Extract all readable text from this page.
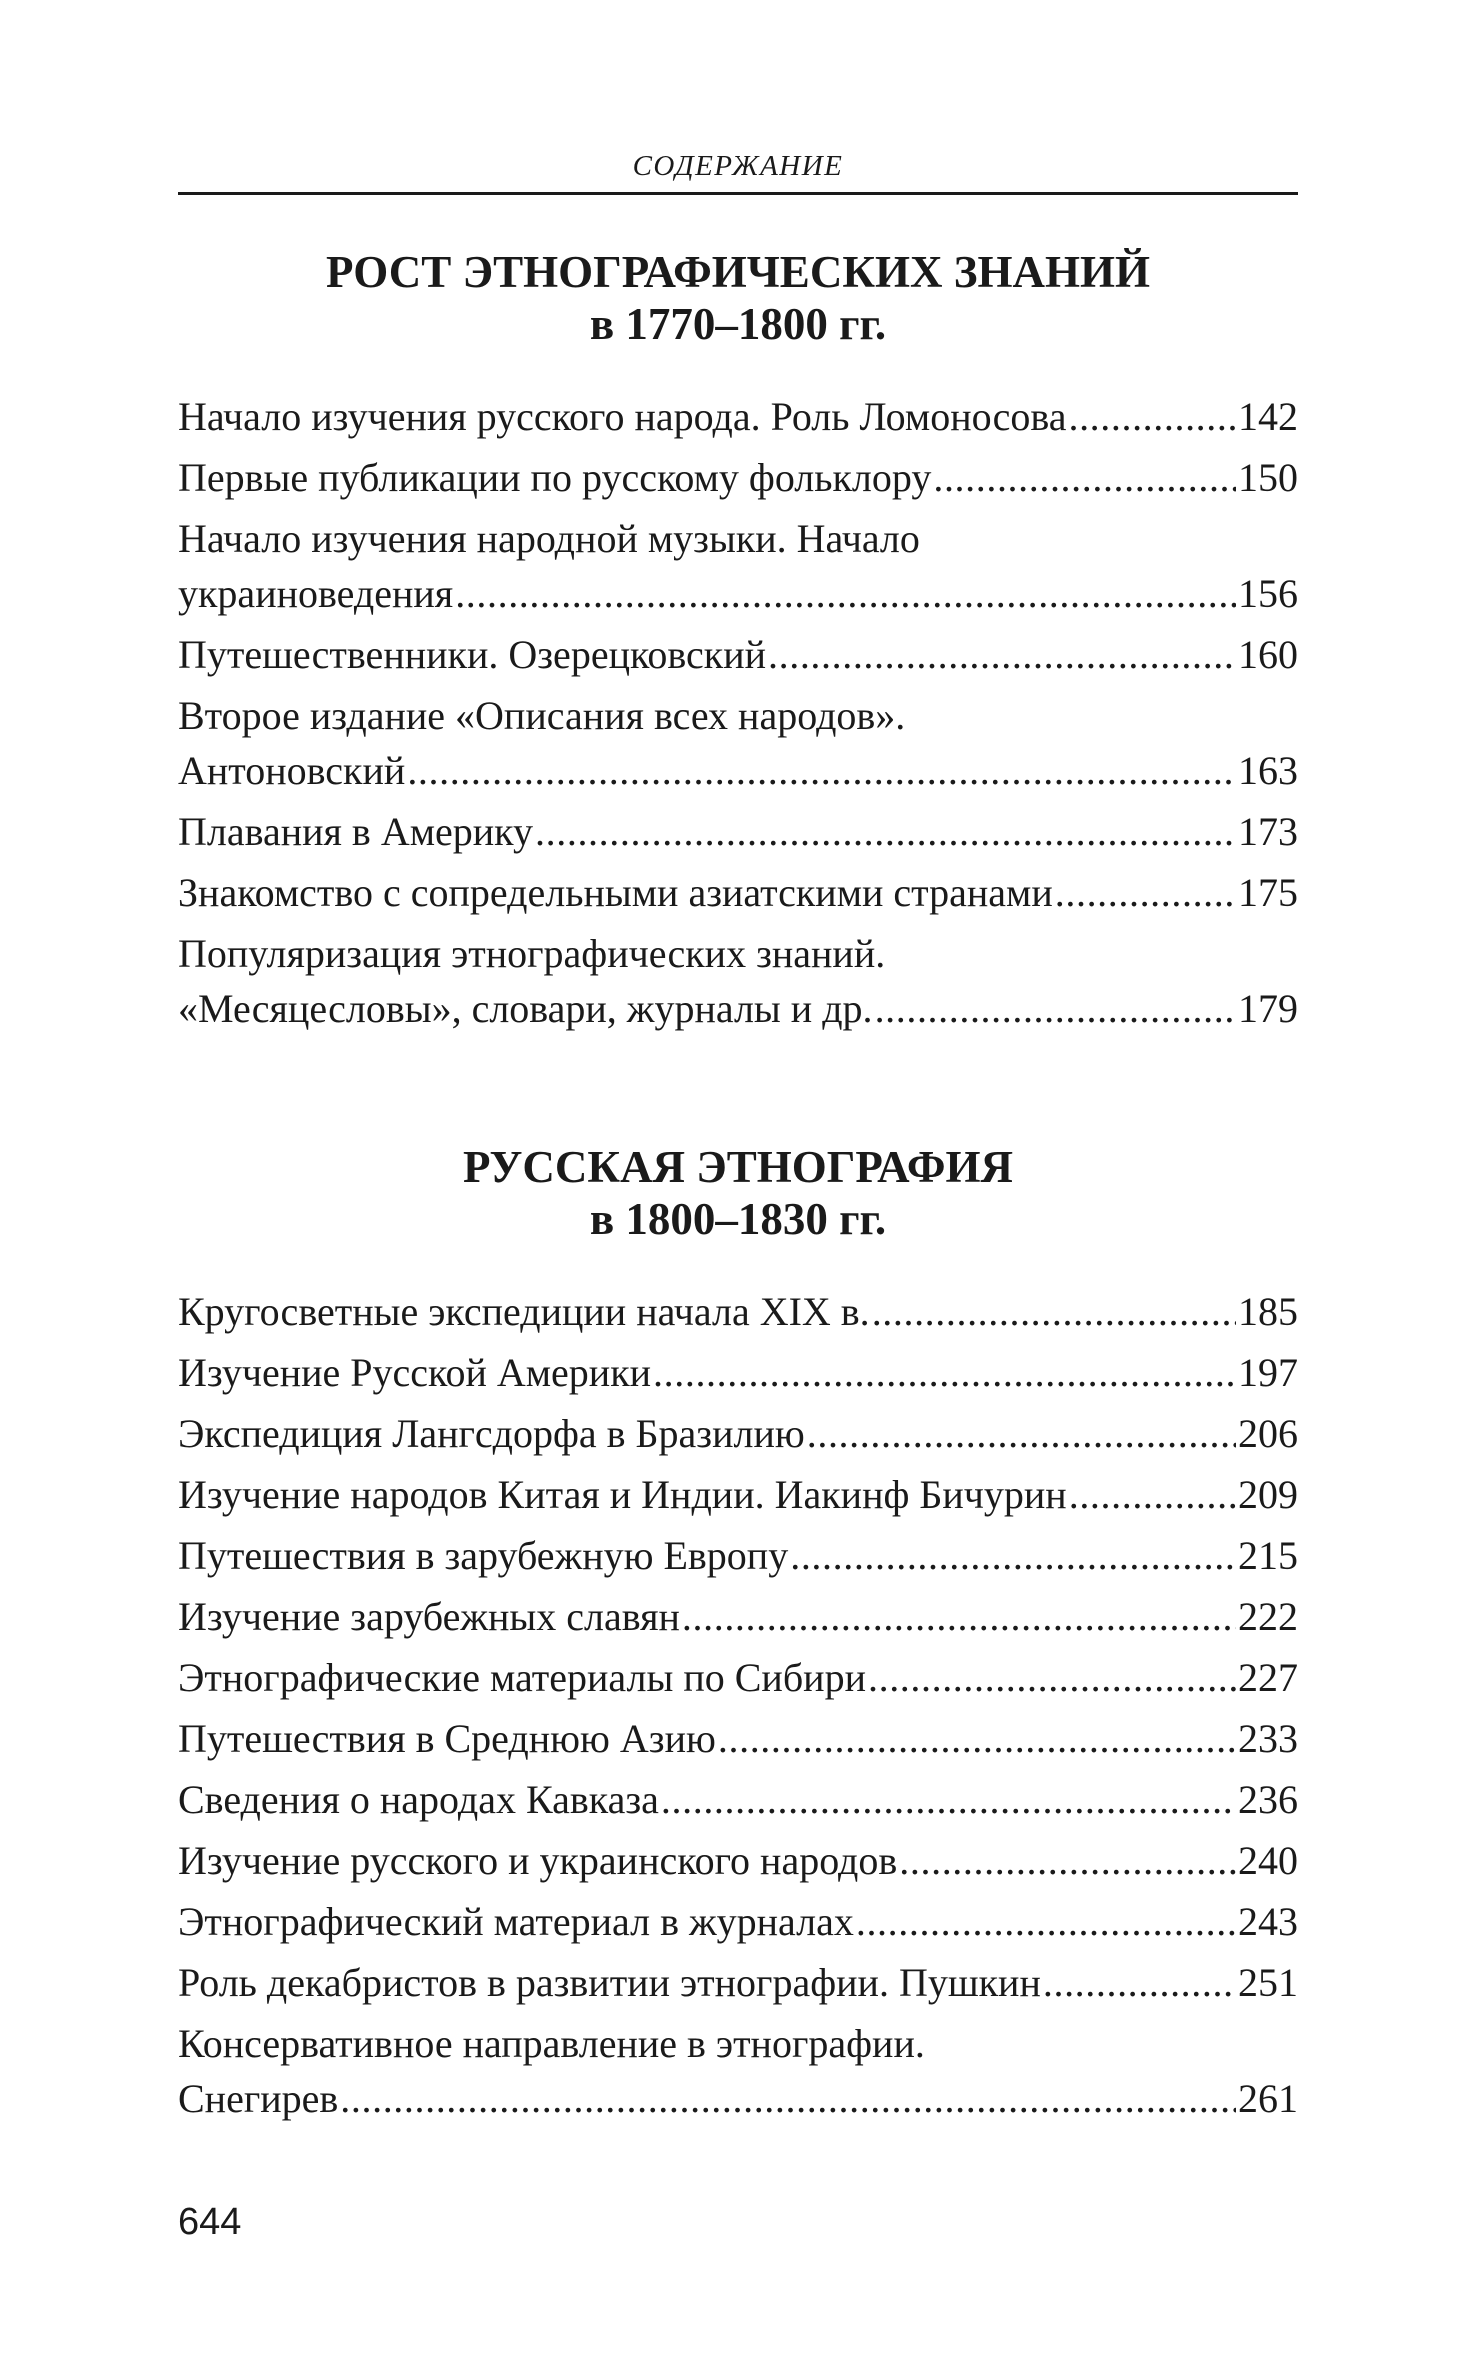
СОДЕРЖАНИЕ
РОСТ ЭТНОГРАФИЧЕСКИХ ЗНАНИЙ
в 1770–1800 гг.
Начало изучения русского народа. Роль Ломоносова .....	142
Первые публикации по русскому фольклору .....	150
Начало изучения народной музыки. Начало
украиноведения .....	156
Путешественники. Озерецковский .....	160
Второе издание «Описания всех народов».
Антоновский .....	163
Плавания в Америку .....	173
Знакомство с сопредельными азиатскими странами .....	175
Популяризация этнографических знаний.
«Месяцесловы», словари, журналы и др. .....	179
РУССКАЯ ЭТНОГРАФИЯ
в 1800–1830 гг.
Кругосветные экспедиции начала XIX в. .....	185
Изучение Русской Америки .....	197
Экспедиция Лангсдорфа в Бразилию .....	206
Изучение народов Китая и Индии. Иакинф Бичурин .....	209
Путешествия в зарубежную Европу .....	215
Изучение зарубежных славян .....	222
Этнографические материалы по Сибири .....	227
Путешествия в Среднюю Азию .....	233
Сведения о народах Кавказа .....	236
Изучение русского и украинского народов .....	240
Этнографический материал в журналах .....	243
Роль декабристов в развитии этнографии. Пушкин .....	251
Консервативное направление в этнографии.
Снегирев .....	261
644
